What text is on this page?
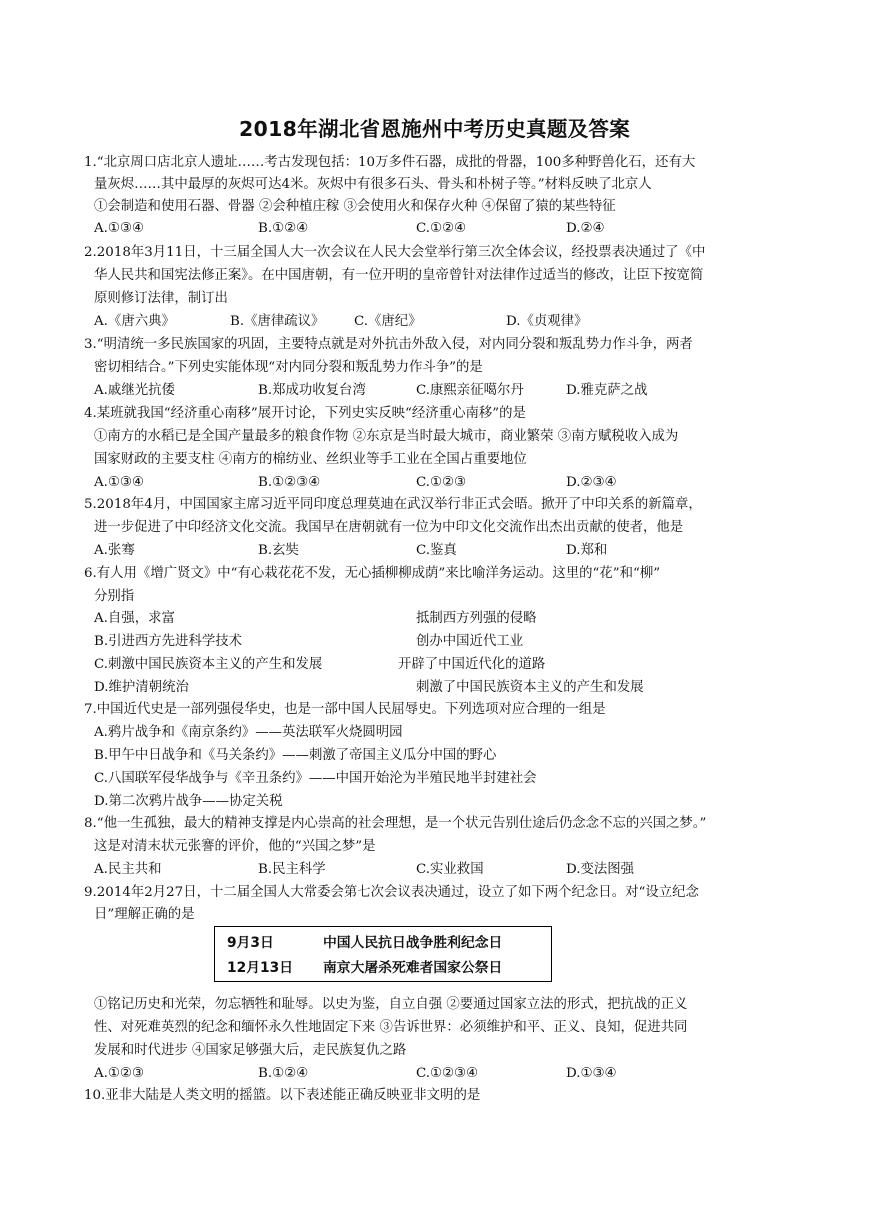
2018年湖北省恩施州中考历史真题及答案
1.“北京周口店北京人遗址……考古发现包括：10万多件石器，成批的骨器，100多种野兽化石，还有大
量灰烬……其中最厚的灰烬可达4米。灰烬中有很多石头、骨头和朴树子等。”材料反映了北京人
①会制造和使用石器、骨器 ②会种植庄稼 ③会使用火和保存火种 ④保留了猿的某些特征
A.①③④	B.①②④	C.①②④	D.②④
2.2018年3月11日，十三届全国人大一次会议在人民大会堂举行第三次全体会议，经投票表决通过了《中
华人民共和国宪法修正案》。在中国唐朝，有一位开明的皇帝曾针对法律作过适当的修改，让臣下按宽简
原则修订法律，制订出
A.《唐六典》	B.《唐律疏议》 C.《唐纪》	D.《贞观律》
3.“明清统一多民族国家的巩固，主要特点就是对外抗击外敌入侵，对内同分裂和叛乱势力作斗争，两者
密切相结合。”下列史实能体现“对内同分裂和叛乱势力作斗争”的是
A.戚继光抗倭	B.郑成功收复台湾	C.康熙亲征噶尔丹	D.雅克萨之战
4.某班就我国“经济重心南移”展开讨论，下列史实反映“经济重心南移”的是
①南方的水稻已是全国产量最多的粮食作物 ②东京是当时最大城市，商业繁荣 ③南方赋税收入成为
国家财政的主要支柱 ④南方的棉纺业、丝织业等手工业在全国占重要地位
A.①③④	B.①②③④	C.①②③	D.②③④
5.2018年4月，中国国家主席习近平同印度总理莫迪在武汉举行非正式会晤。掀开了中印关系的新篇章，
进一步促进了中印经济文化交流。我国早在唐朝就有一位为中印文化交流作出杰出贡献的使者，他是
A.张骞	B.玄奘	C.鉴真	D.郑和
6.有人用《增广贤文》中“有心栽花花不发，无心插柳柳成荫”来比喻洋务运动。这里的“花”和“柳”
分别指
A.自强，求富	抵制西方列强的侵略
B.引进西方先进科学技术	创办中国近代工业
C.刺激中国民族资本主义的产生和发展	开辟了中国近代化的道路
D.维护清朝统治	刺激了中国民族资本主义的产生和发展
7.中国近代史是一部列强侵华史，也是一部中国人民屈辱史。下列选项对应合理的一组是
A.鸦片战争和《南京条约》——英法联军火烧圆明园
B.甲午中日战争和《马关条约》——刺激了帝国主义瓜分中国的野心
C.八国联军侵华战争与《辛丑条约》——中国开始沦为半殖民地半封建社会
D.第二次鸦片战争——协定关税
8.“他一生孤独，最大的精神支撑是内心崇高的社会理想，是一个状元告别仕途后仍念念不忘的兴国之梦。”
这是对清末状元张謇的评价，他的“兴国之梦”是
A.民主共和	B.民主科学	C.实业救国	D.变法图强
9.2014年2月27日，十二届全国人大常委会第七次会议表决通过，设立了如下两个纪念日。对“设立纪念
日”理解正确的是
9月3日	中国人民抗日战争胜利纪念日
12月13日 南京大屠杀死难者国家公祭日
①铭记历史和光荣，勿忘牺牲和耻辱。以史为鉴，自立自强 ②要通过国家立法的形式，把抗战的正义
性、对死难英烈的纪念和缅怀永久性地固定下来 ③告诉世界：必须维护和平、正义、良知，促进共同
发展和时代进步 ④国家足够强大后，走民族复仇之路
A.①②③	B.①②④	C.①②③④	D.①③④
10.亚非大陆是人类文明的摇篮。以下表述能正确反映亚非文明的是
